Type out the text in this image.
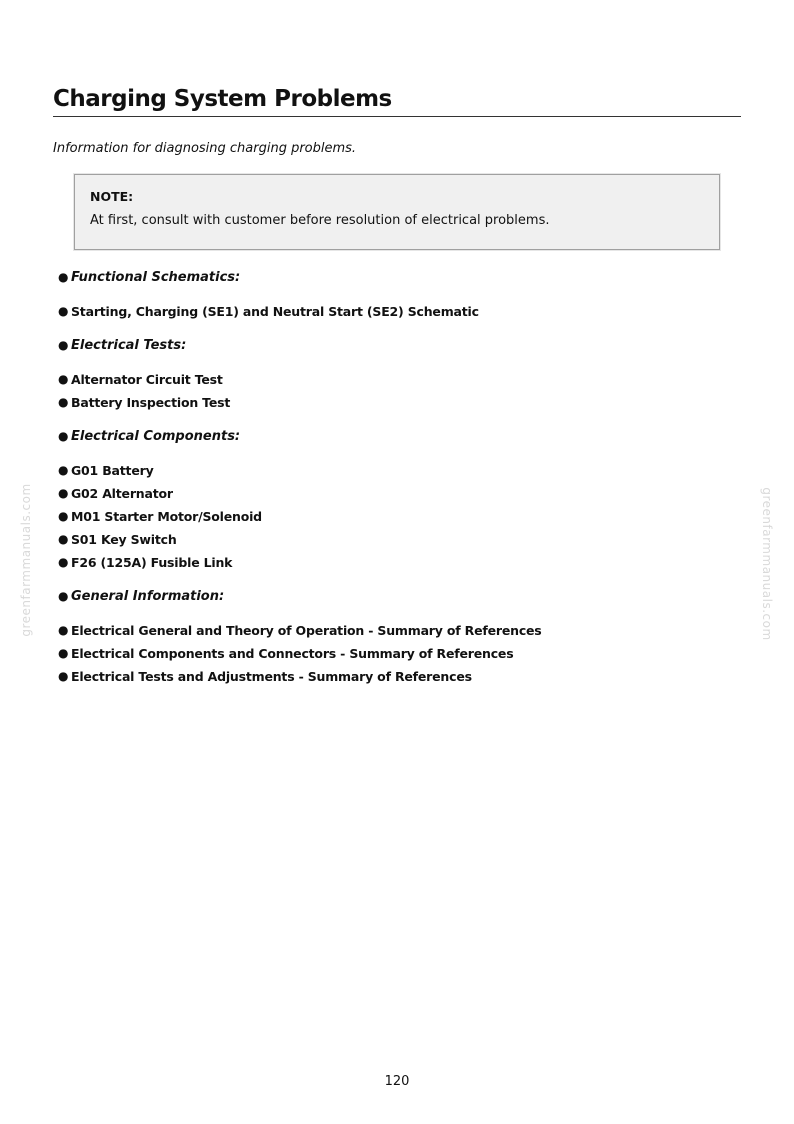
Charging System Problems

Information for diagnosing charging problems.

NOTE:
At first, consult with customer before resolution of electrical problems.
● Functional Schematics:
● Starting, Charging (SE1) and Neutral Start (SE2) Schematic
● Electrical Tests:
● Alternator Circuit Test
● Battery Inspection Test
● Electrical Components:
● G01 Battery
● G02 Alternator
● M01 Starter Motor/Solenoid
● S01 Key Switch
● F26 (125A) Fusible Link
● General Information:
● Electrical General and Theory of Operation - Summary of References
● Electrical Components and Connectors - Summary of References
● Electrical Tests and Adjustments - Summary of References
greenfarmmanuals.com	greenfarmmanuals.com
120
